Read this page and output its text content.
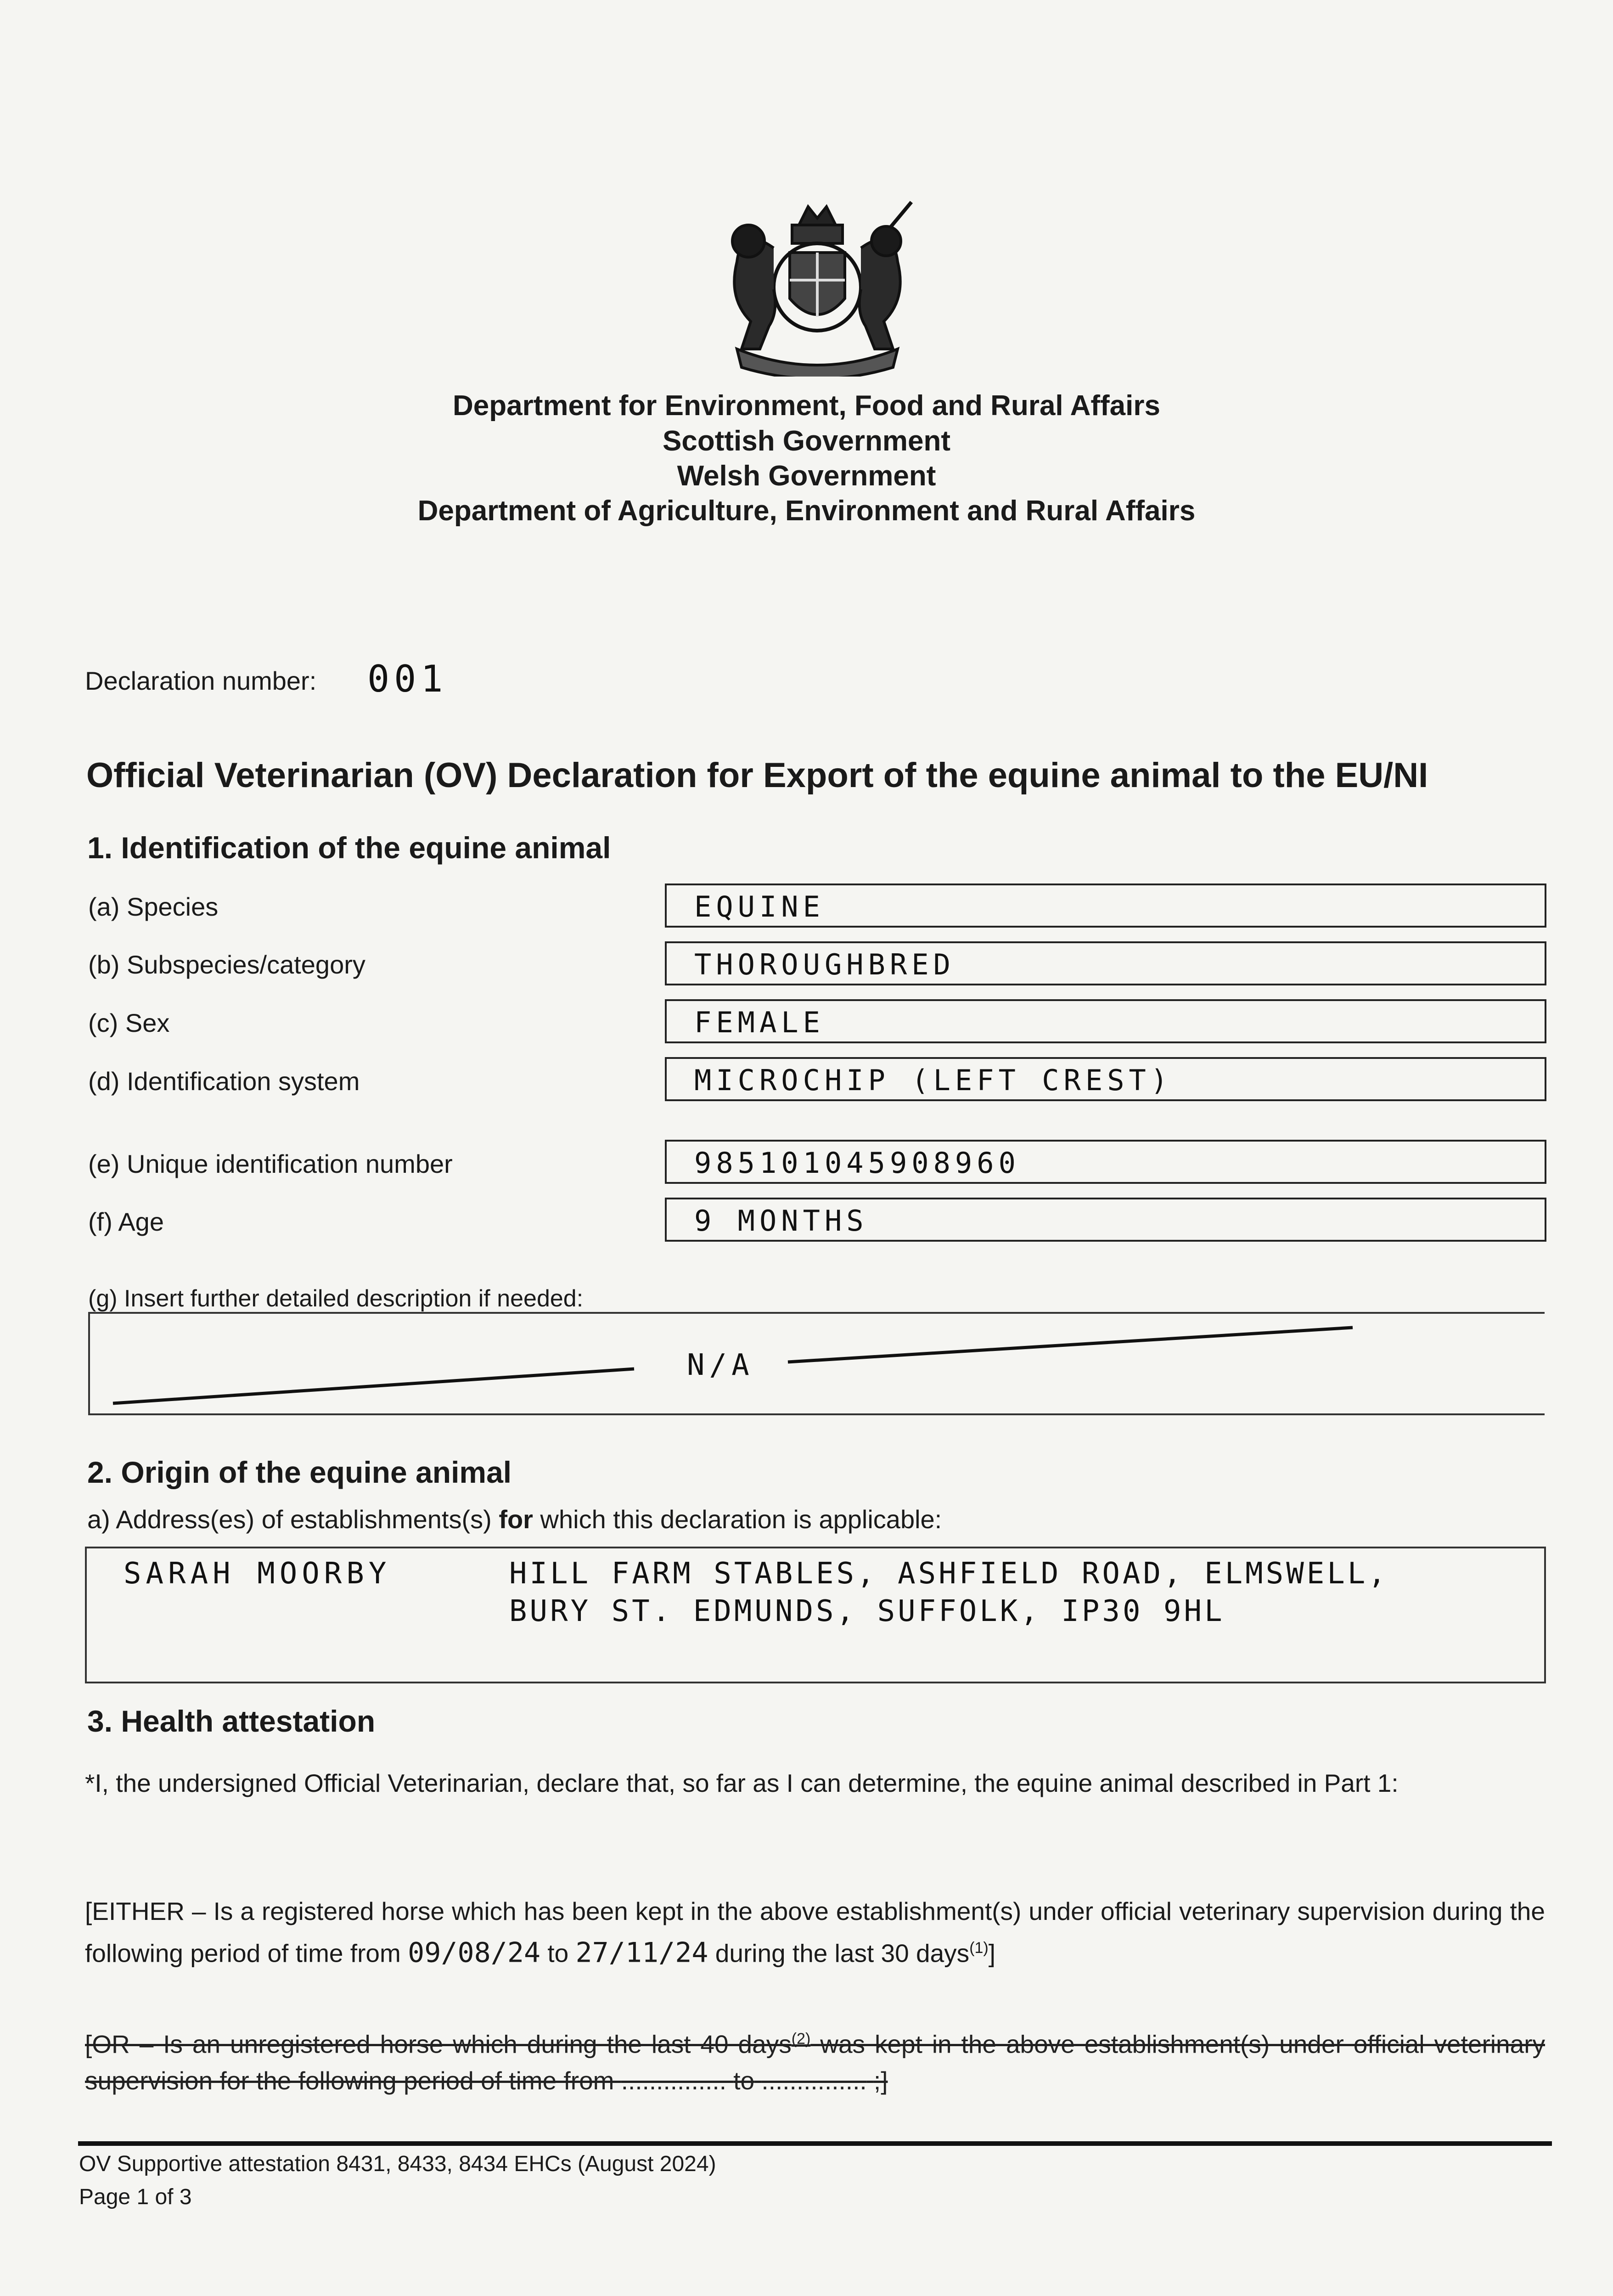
Department for Environment, Food and Rural Affairs
Scottish Government
Welsh Government
Department of Agriculture, Environment and Rural Affairs
Declaration number: 001
Official Veterinarian (OV) Declaration for Export of the equine animal to the EU/NI
1. Identification of the equine animal
(a) Species	EQUINE
(b) Subspecies/category	THOROUGHBRED
(c) Sex	FEMALE
(d) Identification system	MICROCHIP (LEFT CREST)
(e) Unique identification number	985101045908960
(f) Age	9 MONTHS
(g) Insert further detailed description if needed:
N/A
2. Origin of the equine animal
a) Address(es) of establishments(s) for which this declaration is applicable:
SARAH MOORBY	HILL FARM STABLES, ASHFIELD ROAD, ELMSWELL,
BURY ST. EDMUNDS, SUFFOLK, IP30 9HL
3. Health attestation
*I, the undersigned Official Veterinarian, declare that, so far as I can determine, the equine animal described in Part 1:
[EITHER – Is a registered horse which has been kept in the above establishment(s) under official veterinary supervision during the following period of time from 09/08/24 to 27/11/24 during the last 30 days$^{(1)}$]
[OR – Is an unregistered horse which during the last 40 days$^{(2)}$ was kept in the above establishment(s) under official veterinary supervision for the following period of time from ............... to ............... ;]
OV Supportive attestation 8431, 8433, 8434 EHCs (August 2024)
Page 1 of 3
